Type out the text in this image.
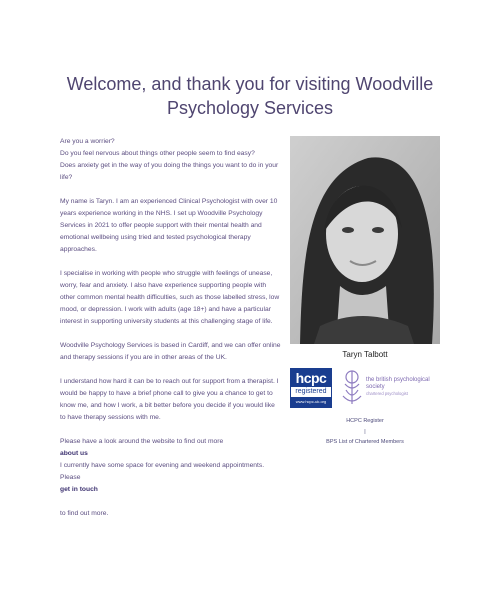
Welcome, and thank you for visiting Woodville Psychology Services

Are you a worrier?
Do you feel nervous about things other people seem to find easy?
Does anxiety get in the way of you doing the things you want to do in your life?

My name is Taryn. I am an experienced Clinical Psychologist with over 10 years experience working in the NHS. I set up Woodville Psychology Services in 2021 to offer people support with their mental health and emotional wellbeing using tried and tested psychological therapy approaches.

I specialise in working with people who struggle with feelings of unease, worry, fear and anxiety. I also have experience supporting people with other common mental health difficulties, such as those labelled stress, low mood, or depression. I work with adults (age 18+) and have a particular interest in supporting university students at this challenging stage of life.

Woodville Psychology Services is based in Cardiff, and we can offer online and therapy sessions if you are in other areas of the UK.

I understand how hard it can be to reach out for support from a therapist. I would be happy to have a brief phone call to give you a chance to get to know me, and how I work, a bit better before you decide if you would like to have therapy sessions with me.

Please have a look around the website to find out more

about us

I currently have some space for evening and weekend appointments. Please

get in touch

to find out more.

Taryn Talbott

hcpc
registered
www.hcpc-uk.org
the british psychological society
chartered psychologist

HCPC Register

|

BPS List of Chartered Members
